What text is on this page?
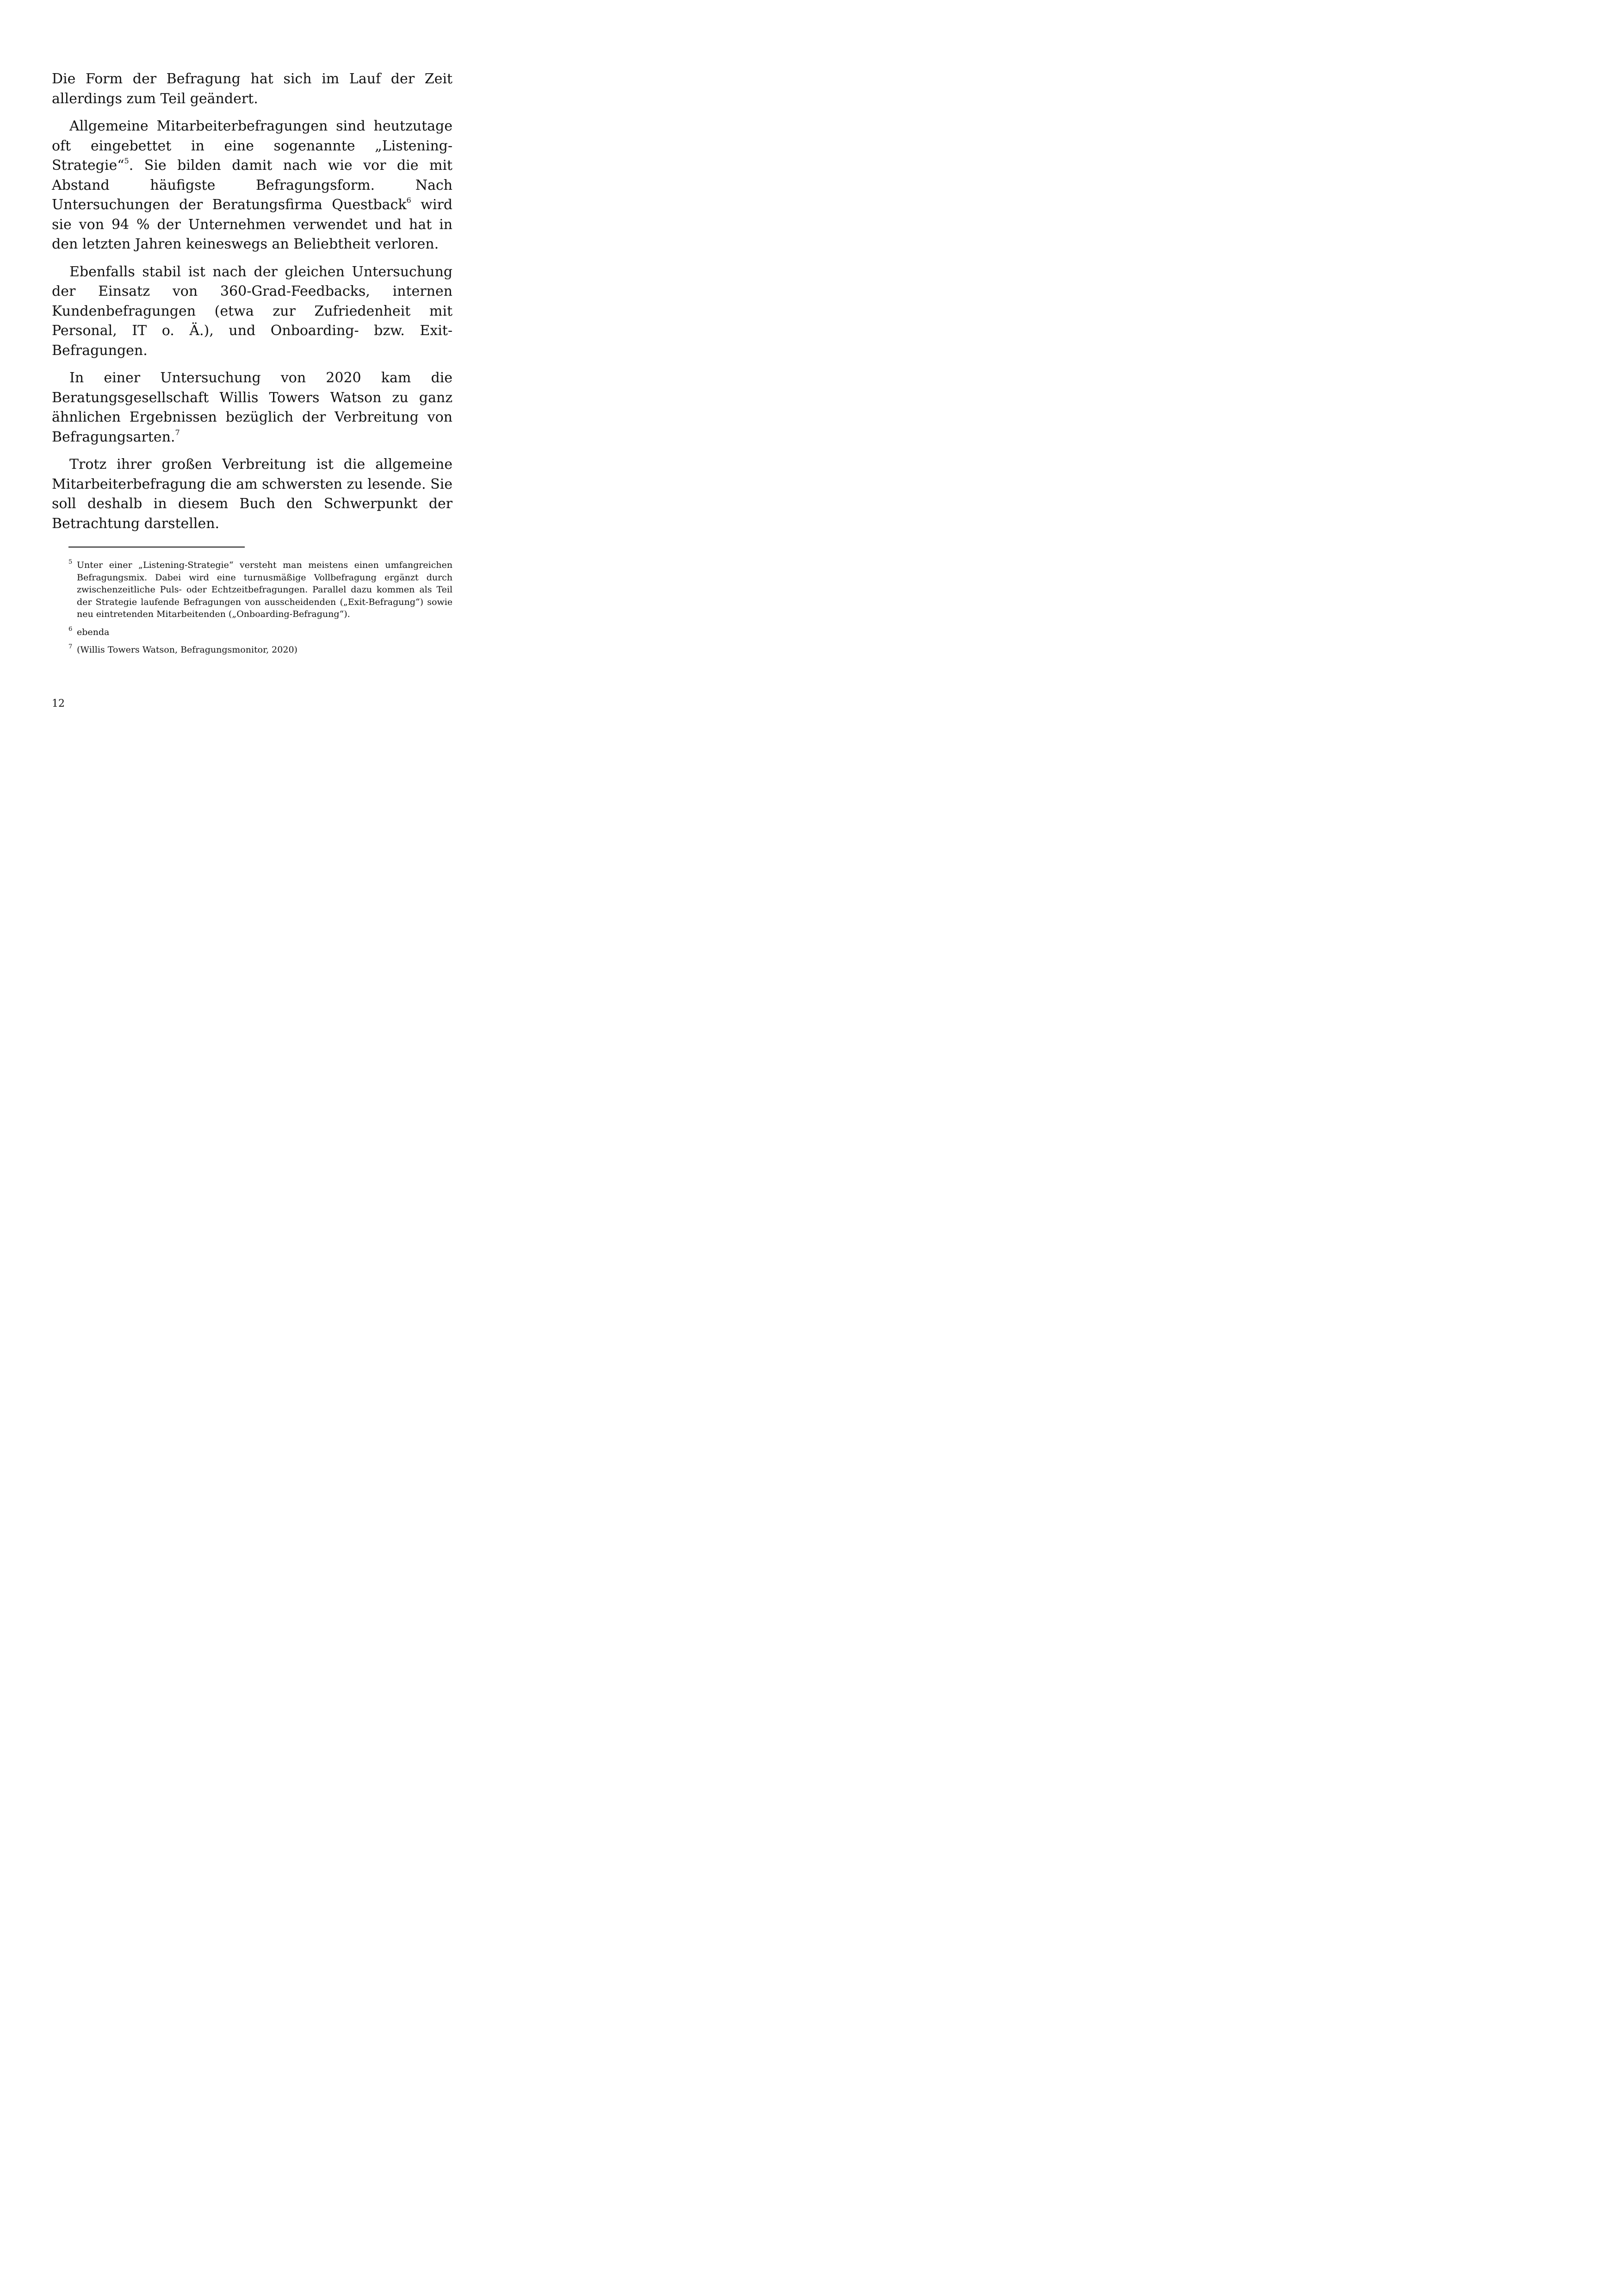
Die Form der Befragung hat sich im Lauf der Zeit allerdings zum Teil geändert.

Allgemeine Mitarbeiterbefragungen sind heutzutage oft eingebettet in eine sogenannte „Listening-Strategie“$^5$. Sie bilden damit nach wie vor die mit Abstand häufigste Befragungsform. Nach Untersuchungen der Beratungsfirma Questback$^6$ wird sie von 94 % der Unternehmen verwendet und hat in den letzten Jahren keineswegs an Beliebtheit verloren.

Ebenfalls stabil ist nach der gleichen Untersuchung der Einsatz von 360-Grad-Feedbacks, internen Kundenbefragungen (etwa zur Zufriedenheit mit Personal, IT o. Ä.), und Onboarding- bzw. Exit-Befragungen.

In einer Untersuchung von 2020 kam die Beratungsgesellschaft Willis Towers Watson zu ganz ähnlichen Ergebnissen bezüglich der Verbreitung von Befragungsarten.$^7$

Trotz ihrer großen Verbreitung ist die allgemeine Mitarbeiterbefragung die am schwersten zu lesende. Sie soll deshalb in diesem Buch den Schwerpunkt der Betrachtung darstellen.

5 Unter einer „Listening-Strategie“ versteht man meistens einen umfangreichen Befragungsmix. Dabei wird eine turnusmäßige Vollbefragung ergänzt durch zwischenzeitliche Puls- oder Echtzeitbefragungen. Parallel dazu kommen als Teil der Strategie laufende Befragungen von ausscheidenden („Exit-Befragung“) sowie neu eintretenden Mitarbeitenden („Onboarding-Befragung“).
6 ebenda
7 (Willis Towers Watson, Befragungsmonitor, 2020)
12
